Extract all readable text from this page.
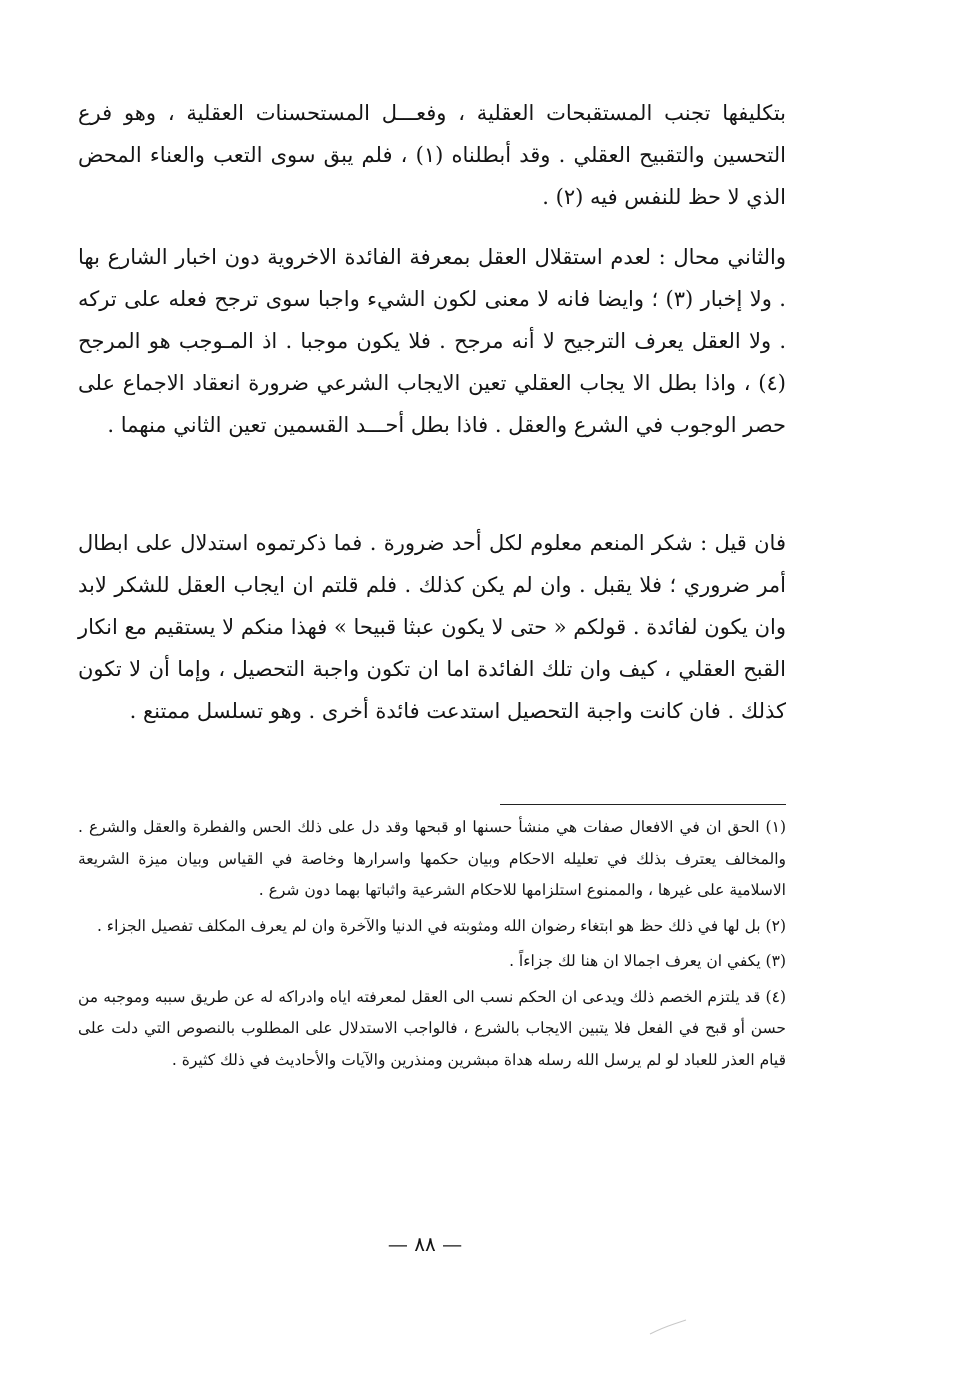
بتكليفها تجنب المستقبحات العقلية ، وفعـــل المستحسنات العقلية ، وهو فرع التحسين والتقبيح العقلي . وقد أبطلناه (١) ، فلم يبق سوى التعب والعناء المحض الذي لا حظ للنفس فيه (٢) .

والثاني محال : لعدم استقلال العقل بمعرفة الفائدة الاخروية دون اخبار الشارع بها . ولا إخبار (٣) ؛ وايضا فانه لا معنى لكون الشيء واجبا سوى ترجح فعله على تركه . ولا العقل يعرف الترجيح لا أنه مرجح . فلا يكون موجبا . اذ المـوجب هو المرجح (٤) ، واذا بطل الا يجاب العقلي تعين الايجاب الشرعي ضرورة انعقاد الاجماع على حصر الوجوب في الشرع والعقل . فاذا بطل أحـــد القسمين تعين الثاني منهما .

فان قيل : شكر المنعم معلوم لكل أحد ضرورة . فما ذكرتموه استدلال على ابطال أمر ضروري ؛ فلا يقبل . وان لم يكن كذلك . فلم قلتم ان ايجاب العقل للشكر لابد وان يكون لفائدة . قولكم « حتى لا يكون عبثا قبيحا » فهذا منكم لا يستقيم مع انكار القبح العقلي ، كيف وان تلك الفائدة اما ان تكون واجبة التحصيل ، وإما أن لا تكون كذلك . فان كانت واجبة التحصيل استدعت فائدة أخرى . وهو تسلسل ممتنع .

(١) الحق ان في الافعال صفات هي منشأ حسنها او قبحها وقد دل على ذلك الحس والفطرة والعقل والشرع . والمخالف يعترف بذلك في تعليله الاحكام وبيان حكمها واسرارها وخاصة في القياس وبيان ميزة الشريعة الاسلامية على غيرها ، والممنوع استلزامها للاحكام الشرعية واثباتها بهما دون شرع .

(٢) بل لها في ذلك حظ هو ابتغاء رضوان الله ومثوبته في الدنيا والآخرة وان لم يعرف المكلف تفصيل الجزاء .

(٣) يكفي ان يعرف اجمالا ان هنا لك جزاءاً .

(٤) قد يلتزم الخصم ذلك ويدعى ان الحكم نسب الى العقل لمعرفته اياه وادراكه له عن طريق سببه وموجبه من حسن أو قبح في الفعل فلا يتبين الايجاب بالشرع ، فالواجب الاستدلال على المطلوب بالنصوص التي دلت على قيام العذر للعباد لو لم يرسل الله رسله هداة مبشرين ومنذرين والآيات والأحاديث في ذلك كثيرة .

— ٨٨ —
